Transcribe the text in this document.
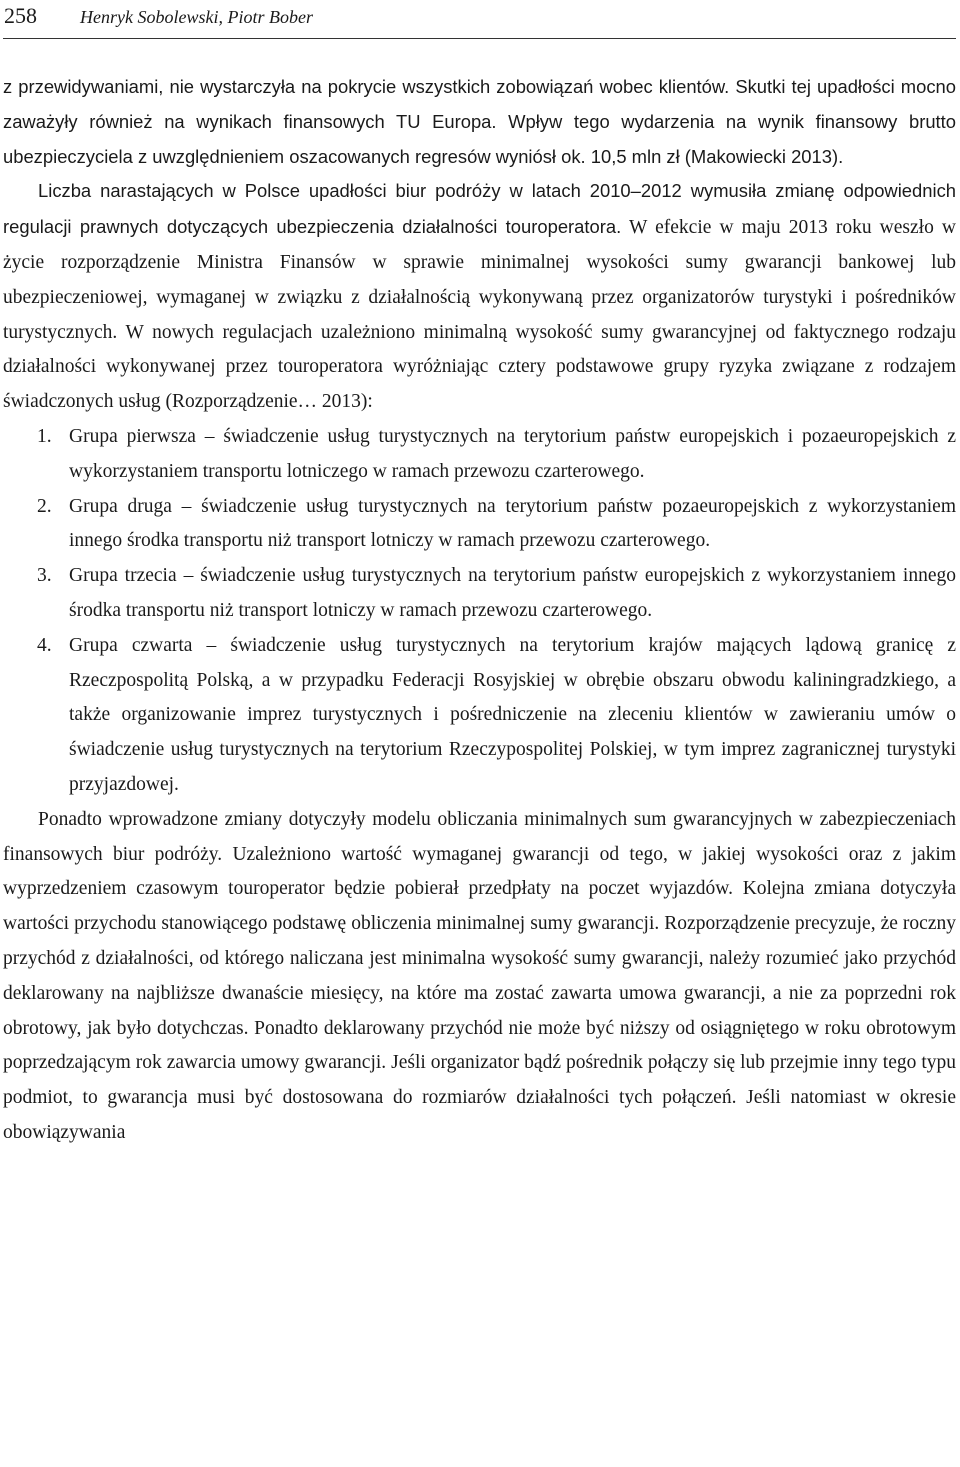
258 Henryk Sobolewski, Piotr Bober

z przewidywaniami, nie wystarczyła na pokrycie wszystkich zobowiązań wobec klientów. Skutki tej upadłości mocno zaważyły również na wynikach finansowych TU Europa. Wpływ tego wydarzenia na wynik finansowy brutto ubezpieczyciela z uwzględnieniem oszacowanych regresów wyniósł ok. 10,5 mln zł (Makowiecki 2013).

Liczba narastających w Polsce upadłości biur podróży w latach 2010–2012 wymusiła zmianę odpowiednich regulacji prawnych dotyczących ubezpieczenia działalności touroperatora. W efekcie w maju 2013 roku weszło w życie rozporządzenie Ministra Finansów w sprawie minimalnej wysokości sumy gwarancji bankowej lub ubezpieczeniowej, wymaganej w związku z działalnością wykonywaną przez organizatorów turystyki i pośredników turystycznych. W nowych regulacjach uzależniono minimalną wysokość sumy gwarancyjnej od faktycznego rodzaju działalności wykonywanej przez touroperatora wyróżniając cztery podstawowe grupy ryzyka związane z rodzajem świadczonych usług (Rozporządzenie… 2013):

1. Grupa pierwsza – świadczenie usług turystycznych na terytorium państw europejskich i pozaeuropejskich z wykorzystaniem transportu lotniczego w ramach przewozu czarterowego.
2. Grupa druga – świadczenie usług turystycznych na terytorium państw pozaeuropejskich z wykorzystaniem innego środka transportu niż transport lotniczy w ramach przewozu czarterowego.
3. Grupa trzecia – świadczenie usług turystycznych na terytorium państw europejskich z wykorzystaniem innego środka transportu niż transport lotniczy w ramach przewozu czarterowego.
4. Grupa czwarta – świadczenie usług turystycznych na terytorium krajów mających lądową granicę z Rzeczpospolitą Polską, a w przypadku Federacji Rosyjskiej w obrębie obszaru obwodu kaliningradzkiego, a także organizowanie imprez turystycznych i pośredniczenie na zleceniu klientów w zawieraniu umów o świadczenie usług turystycznych na terytorium Rzeczypospolitej Polskiej, w tym imprez zagranicznej turystyki przyjazdowej.

Ponadto wprowadzone zmiany dotyczyły modelu obliczania minimalnych sum gwarancyjnych w zabezpieczeniach finansowych biur podróży. Uzależniono wartość wymaganej gwarancji od tego, w jakiej wysokości oraz z jakim wyprzedzeniem czasowym touroperator będzie pobierał przedpłaty na poczet wyjazdów. Kolejna zmiana dotyczyła wartości przychodu stanowiącego podstawę obliczenia minimalnej sumy gwarancji. Rozporządzenie precyzuje, że roczny przychód z działalności, od którego naliczana jest minimalna wysokość sumy gwarancji, należy rozumieć jako przychód deklarowany na najbliższe dwanaście miesięcy, na które ma zostać zawarta umowa gwarancji, a nie za poprzedni rok obrotowy, jak było dotychczas. Ponadto deklarowany przychód nie może być niższy od osiągniętego w roku obrotowym poprzedzającym rok zawarcia umowy gwarancji. Jeśli organizator bądź pośrednik połączy się lub przejmie inny tego typu podmiot, to gwarancja musi być dostosowana do rozmiarów działalności tych połączeń. Jeśli natomiast w okresie obowiązywania
